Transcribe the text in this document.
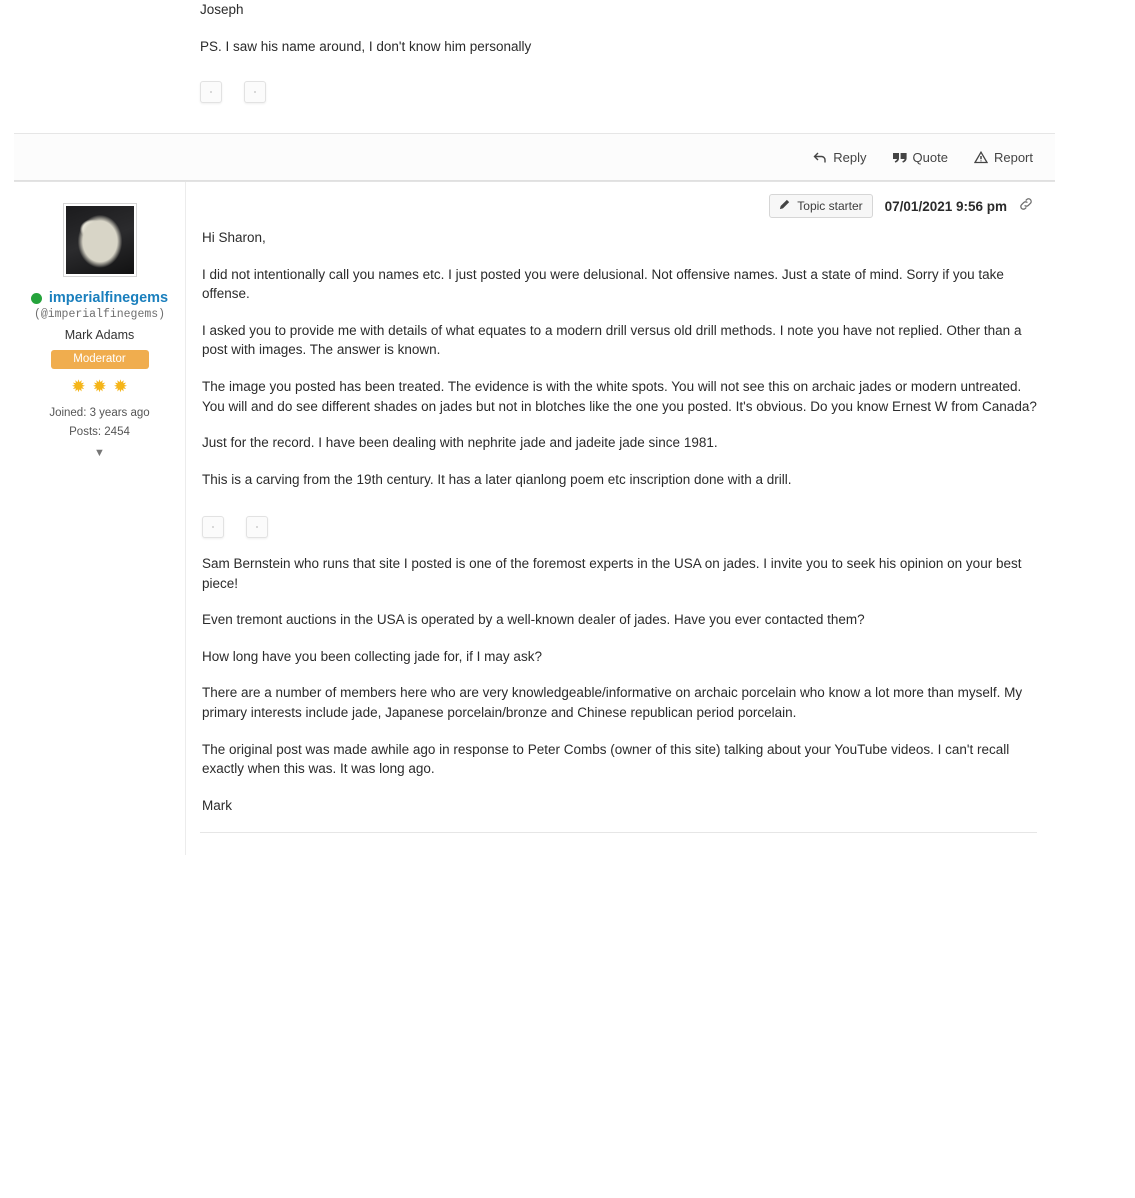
Joseph

PS. I saw his name around, I don't know him personally

Reply	Quote	Report
imperialfinegems
(@imperialfinegems)
Mark Adams
Moderator
✹ ✹ ✹
Joined: 3 years ago
Posts: 2454
▼
Topic starter 07/01/2021 9:56 pm

Hi Sharon,

I did not intentionally call you names etc. I just posted you were delusional. Not offensive names. Just a state of mind. Sorry if you take offense.

I asked you to provide me with details of what equates to a modern drill versus old drill methods. I note you have not replied. Other than a post with images. The answer is known.

The image you posted has been treated. The evidence is with the white spots. You will not see this on archaic jades or modern untreated. You will and do see different shades on jades but not in blotches like the one you posted. It's obvious. Do you know Ernest W from Canada?

Just for the record. I have been dealing with nephrite jade and jadeite jade since 1981.

This is a carving from the 19th century. It has a later qianlong poem etc inscription done with a drill.

Sam Bernstein who runs that site I posted is one of the foremost experts in the USA on jades. I invite you to seek his opinion on your best piece!

Even tremont auctions in the USA is operated by a well-known dealer of jades. Have you ever contacted them?

How long have you been collecting jade for, if I may ask?

There are a number of members here who are very knowledgeable/informative on archaic porcelain who know a lot more than myself. My primary interests include jade, Japanese porcelain/bronze and Chinese republican period porcelain.

The original post was made awhile ago in response to Peter Combs (owner of this site) talking about your YouTube videos. I can't recall exactly when this was. It was long ago.

Mark
